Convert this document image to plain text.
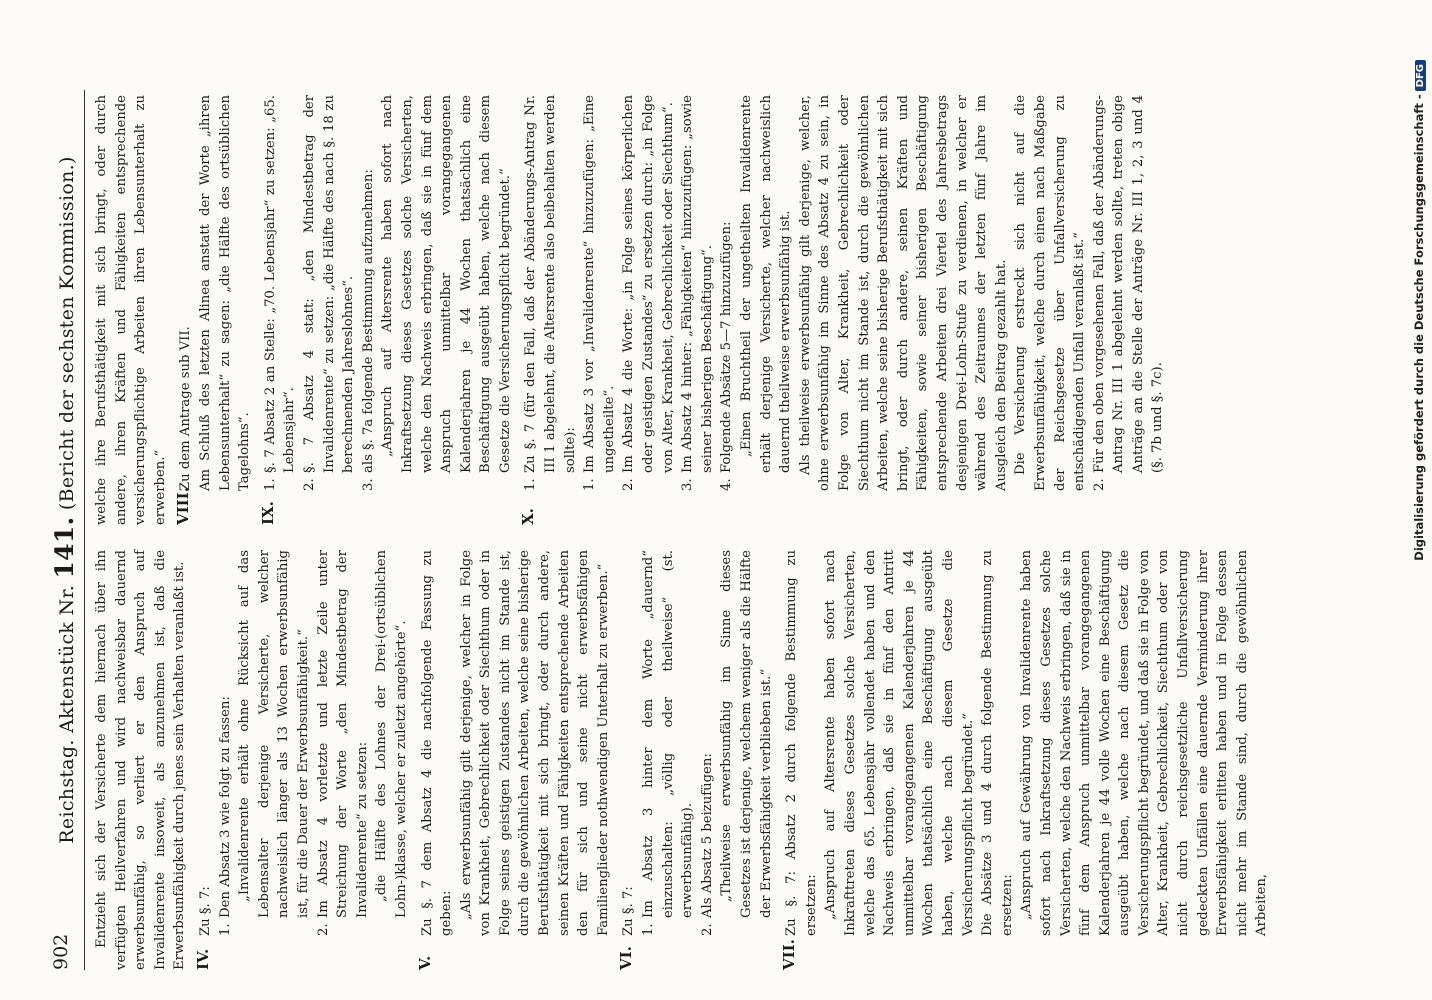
902
Reichstag. Aktenstück Nr. 141. (Bericht der sechsten Kommission.)

Entzieht sich der Versicherte dem hiernach über ihn verfügten Heilverfahren und wird nachweisbar dauernd erwerbsunfähig, so verliert er den Anspruch auf Invalidenrente insoweit, als anzunehmen ist, daß die Erwerbsunfähigkeit durch jenes sein Verhalten veranlaßt ist. IV.

Zu §. 7: 1.

Den Absatz 3 wie folgt zu fassen: „Invalidenrente erhält ohne Rücksicht auf das Lebensalter derjenige Versicherte, welcher nachweislich länger als 13 Wochen erwerbsunfähig ist, für die Dauer der Erwerbsunfähigkeit.“

2.

Im Absatz 4 vorletzte und letzte Zeile unter Streichung der Worte „den Mindestbetrag der Invalidenrente“ zu setzen: „die Hälfte des Lohnes der Drei-(ortsüblichen Lohn-)klasse, welcher er zuletzt angehörte“.

V.

Zu §. 7 dem Absatz 4 die nachfolgende Fassung zu geben: „Als erwerbsunfähig gilt derjenige, welcher in Folge von Krankheit, Gebrechlichkeit oder Siechthum oder in Folge seines geistigen Zustandes nicht im Stande ist, durch die gewöhnlichen Arbeiten, welche seine bisherige Berufsthätigkeit mit sich bringt, oder durch andere, seinen Kräften und Fähigkeiten entsprechende Arbeiten den für sich und seine nicht erwerbsfähigen Familienglieder nothwendigen Unterhalt zu erwerben.“

VI.

Zu §. 7: 1.

Im Absatz 3 hinter dem Worte „dauernd“ einzuschalten: „völlig oder theilweise“ (st. erwerbsunfähig).

2.

Als Absatz 5 beizufügen: „Theilweise erwerbsunfähig im Sinne dieses Gesetzes ist derjenige, welchem weniger als die Hälfte der Erwerbsfähigkeit verblieben ist.“

VII.

Zu §. 7: Absatz 2 durch folgende Bestimmung zu ersetzen: „Anspruch auf Altersrente haben sofort nach Inkrafttreten dieses Gesetzes solche Versicherten, welche das 65. Lebensjahr vollendet haben und den Nachweis erbringen, daß sie in fünf den Antritt unmittelbar vorangegangenen Kalenderjahren je 44 Wochen thatsächlich eine Beschäftigung ausgeübt haben, welche nach diesem Gesetze die Versicherungspflicht begründet.“ Die Absätze 3 und 4 durch folgende Bestimmung zu ersetzen: „Anspruch auf Gewährung von Invalidenrente haben sofort nach Inkraftsetzung dieses Gesetzes solche Versicherten, welche den Nachweis erbringen, daß sie in fünf dem Anspruch unmittelbar vorangegangenen Kalenderjahren je 44 volle Wochen eine Beschäftigung ausgeübt haben, welche nach diesem Gesetz die Versicherungspflicht begründet, und daß sie in Folge von Alter, Krankheit, Gebrechlichkeit, Siechthum oder von nicht durch reichsgesetzliche Unfallversicherung gedeckten Unfällen eine dauernde Verminderung ihrer Erwerbsfähigkeit erlitten haben und in Folge dessen nicht mehr im Stande sind, durch die gewöhnlichen Arbeiten,

welche ihre Berufsthätigkeit mit sich bringt, oder durch andere, ihren Kräften und Fähigkeiten entsprechende versicherungspflichtige Arbeiten ihren Lebensunterhalt zu erwerben.“ VIII.

Zu dem Antrage sub VII. Am Schluß des letzten Alinea anstatt der Worte „ihren Lebensunterhalt“ zu sagen: „die Hälfte des ortsüblichen Tagelohns“.

IX.
1.

§. 7 Absatz 2 an Stelle: „70. Lebensjahr“ zu setzen: „65. Lebensjahr“.

2.

§. 7 Absatz 4 statt: „den Mindestbetrag der Invalidenrente“ zu setzen: „die Hälfte des nach §. 18 zu berechnenden Jahreslohnes“.

3.

als §. 7a folgende Bestimmung aufzunehmen: „Anspruch auf Altersrente haben sofort nach Inkraftsetzung dieses Gesetzes solche Versicherten, welche den Nachweis erbringen, daß sie in fünf dem Anspruch unmittelbar vorangegangenen Kalenderjahren je 44 Wochen thatsächlich eine Beschäftigung ausgeübt haben, welche nach diesem Gesetze die Versicherungspflicht begründet.“

X.
1.

Zu §. 7 (für den Fall, daß der Abänderungs-Antrag Nr. III 1 abgelehnt, die Altersrente also beibehalten werden sollte):

1.

Im Absatz 3 vor „Invalidenrente“ hinzuzufügen: „Eine ungetheilte“.

2.

Im Absatz 4 die Worte: „in Folge seines körperlichen oder geistigen Zustandes“ zu ersetzen durch: „in Folge von Alter, Krankheit, Gebrechlichkeit oder Siechthum“.

3.

Im Absatz 4 hinter: „Fähigkeiten“ hinzuzufügen: „sowie seiner bisherigen Beschäftigung“.

4.

Folgende Absätze 5—7 hinzuzufügen: „Einen Bruchtheil der ungetheilten Invalidenrente erhält derjenige Versicherte, welcher nachweislich dauernd theilweise erwerbsunfähig ist. Als theilweise erwerbsunfähig gilt derjenige, welcher, ohne erwerbsunfähig im Sinne des Absatz 4 zu sein, in Folge von Alter, Krankheit, Gebrechlichkeit oder Siechthum nicht im Stande ist, durch die gewöhnlichen Arbeiten, welche seine bisherige Berufsthätigkeit mit sich bringt, oder durch andere, seinen Kräften und Fähigkeiten, sowie seiner bisherigen Beschäftigung entsprechende Arbeiten drei Viertel des Jahresbetrags desjenigen Drei-Lohn-Stufe zu verdienen, in welcher er während des Zeitraumes der letzten fünf Jahre im Ausgleich den Beitrag gezahlt hat. Die Versicherung erstreckt sich nicht auf die Erwerbsunfähigkeit, welche durch einen nach Maßgabe der Reichsgesetze über Unfallversicherung zu entschädigenden Unfall veranlaßt ist.“ 2.

Für den oben vorgesehenen Fall, daß der Abänderungs-Antrag Nr. III 1 abgelehnt werden sollte, treten obige Anträge an die Stelle der Anträge Nr. III 1, 2, 3 und 4 (§. 7b und §. 7c).	Digitalisierung gefördert durch die Deutsche Forschungsgemeinschaft -DFG
